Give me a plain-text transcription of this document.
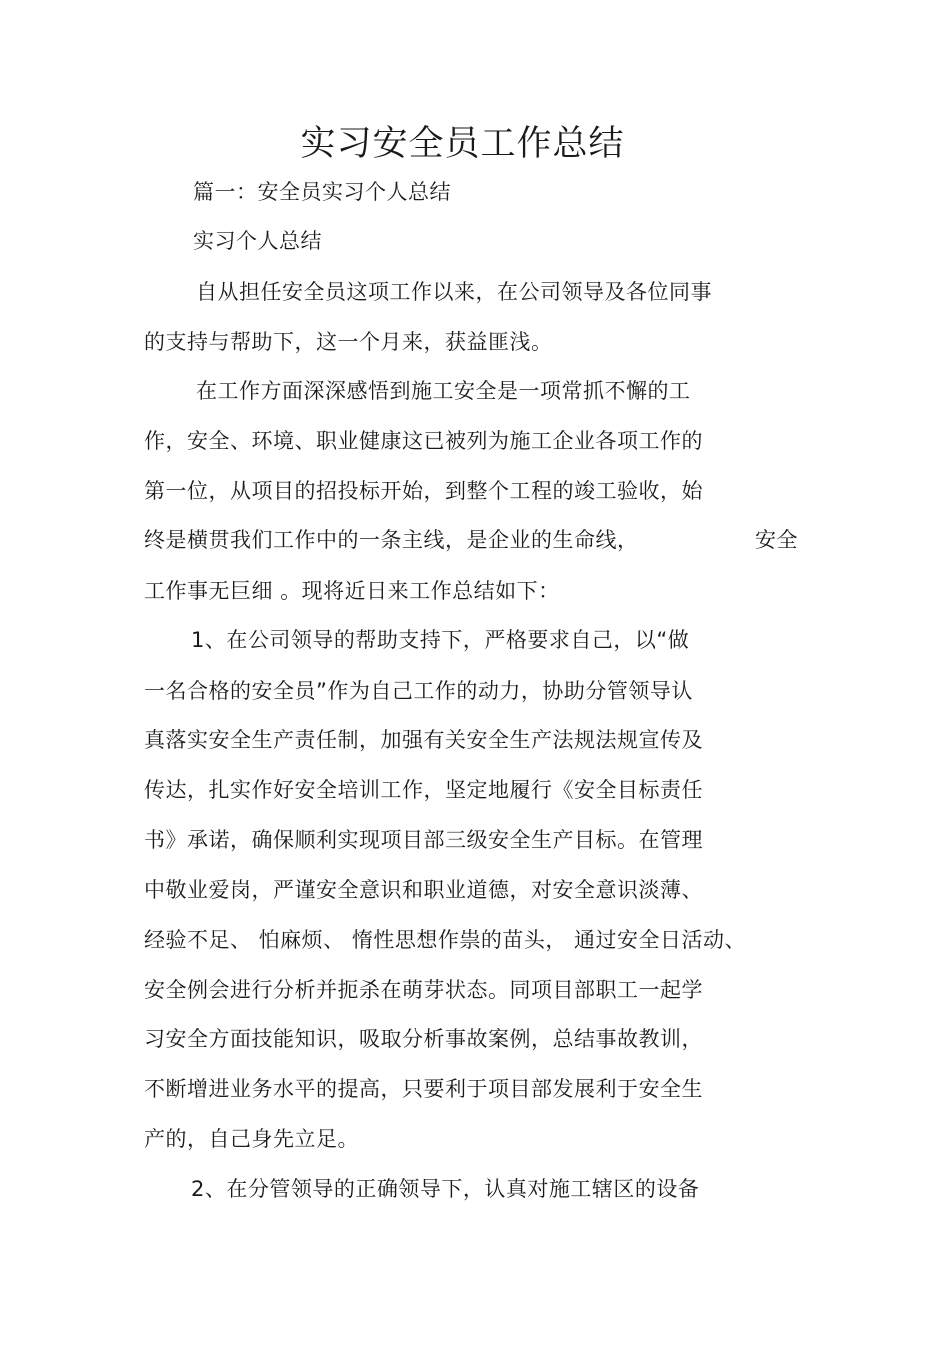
实习安全员工作总结
篇一：安全员实习个人总结
实习个人总结
自从担任安全员这项工作以来，在公司领导及各位同事
的支持与帮助下，这一个月来，获益匪浅。
在工作方面深深感悟到施工安全是一项常抓不懈的工
作，安全、环境、职业健康这已被列为施工企业各项工作的
第一位，从项目的招投标开始，到整个工程的竣工验收，始
终是横贯我们工作中的一条主线，是企业的生命线，	安全
工作事无巨细 。现将近日来工作总结如下：
1、在公司领导的帮助支持下，严格要求自己，以“做
一名合格的安全员”作为自己工作的动力，协助分管领导认
真落实安全生产责任制，加强有关安全生产法规法规宣传及
传达，扎实作好安全培训工作，坚定地履行《安全目标责任
书》承诺，确保顺利实现项目部三级安全生产目标。在管理
中敬业爱岗，严谨安全意识和职业道德，对安全意识淡薄、
经验不足、 怕麻烦、 惰性思想作祟的苗头， 通过安全日活动、
安全例会进行分析并扼杀在萌芽状态。同项目部职工一起学
习安全方面技能知识，吸取分析事故案例，总结事故教训，
不断增进业务水平的提高，只要利于项目部发展利于安全生
产的，自己身先立足。
2、在分管领导的正确领导下，认真对施工辖区的设备
